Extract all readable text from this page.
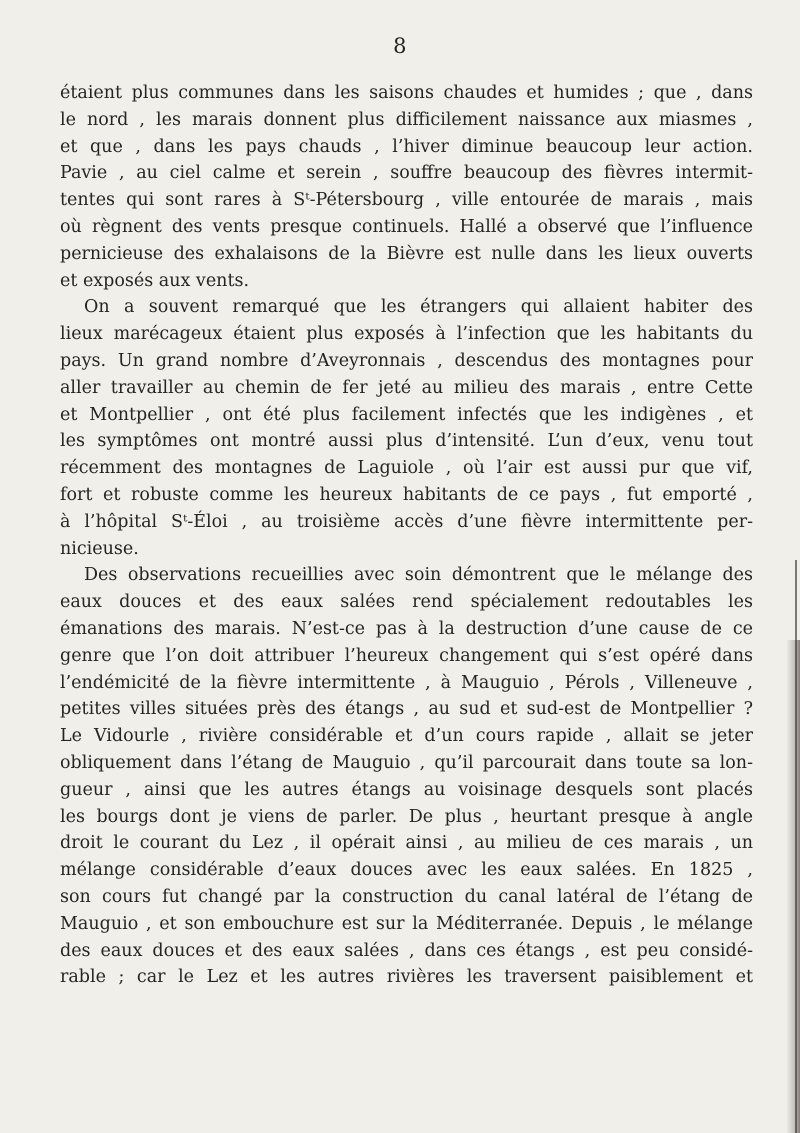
8
étaient plus communes dans les saisons chaudes et humides ; que , dans
le nord , les marais donnent plus difficilement naissance aux miasmes ,
et que , dans les pays chauds , l’hiver diminue beaucoup leur action.
Pavie , au ciel calme et serein , souffre beaucoup des fièvres intermit-
tentes qui sont rares à Sᵗ-Pétersbourg , ville entourée de marais , mais
où règnent des vents presque continuels. Hallé a observé que l’influence
pernicieuse des exhalaisons de la Bièvre est nulle dans les lieux ouverts
et exposés aux vents.
On a souvent remarqué que les étrangers qui allaient habiter des
lieux marécageux étaient plus exposés à l’infection que les habitants du
pays. Un grand nombre d’Aveyronnais , descendus des montagnes pour
aller travailler au chemin de fer jeté au milieu des marais , entre Cette
et Montpellier , ont été plus facilement infectés que les indigènes , et
les symptômes ont montré aussi plus d’intensité. L’un d’eux, venu tout
récemment des montagnes de Laguiole , où l’air est aussi pur que vif,
fort et robuste comme les heureux habitants de ce pays , fut emporté ,
à l’hôpital Sᵗ-Éloi , au troisième accès d’une fièvre intermittente per-
nicieuse.
Des observations recueillies avec soin démontrent que le mélange des
eaux douces et des eaux salées rend spécialement redoutables les
émanations des marais. N’est-ce pas à la destruction d’une cause de ce
genre que l’on doit attribuer l’heureux changement qui s’est opéré dans
l’endémicité de la fièvre intermittente , à Mauguio , Pérols , Villeneuve ,
petites villes situées près des étangs , au sud et sud-est de Montpellier ?
Le Vidourle , rivière considérable et d’un cours rapide , allait se jeter
obliquement dans l’étang de Mauguio , qu’il parcourait dans toute sa lon-
gueur , ainsi que les autres étangs au voisinage desquels sont placés
les bourgs dont je viens de parler. De plus , heurtant presque à angle
droit le courant du Lez , il opérait ainsi , au milieu de ces marais , un
mélange considérable d’eaux douces avec les eaux salées. En 1825 ,
son cours fut changé par la construction du canal latéral de l’étang de
Mauguio , et son embouchure est sur la Méditerranée. Depuis , le mélange
des eaux douces et des eaux salées , dans ces étangs , est peu considé-
rable ; car le Lez et les autres rivières les traversent paisiblement et
